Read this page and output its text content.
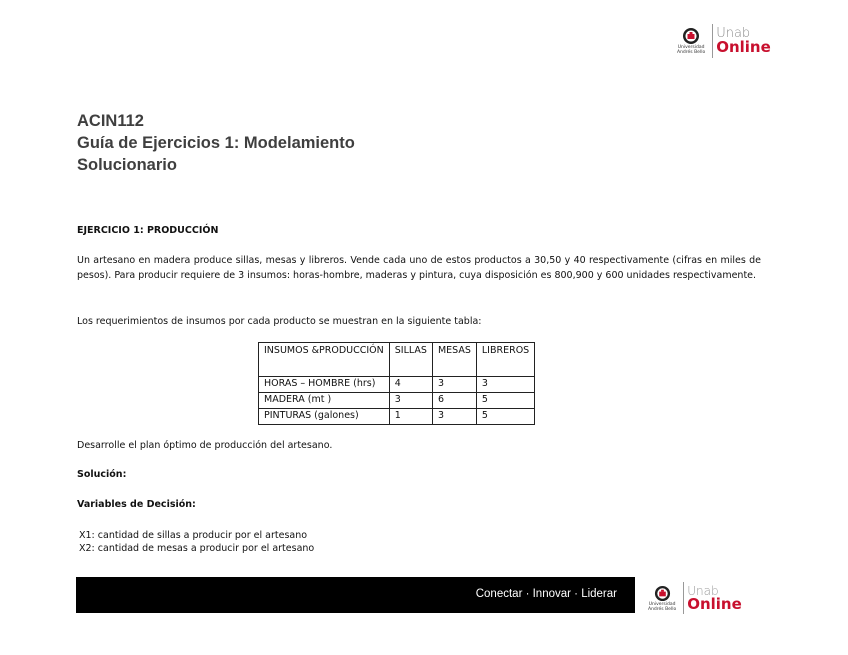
Universidad
Andrés Bello
Unab
Online
ACIN112
Guía de Ejercicios 1: Modelamiento
Solucionario
EJERCICIO 1: PRODUCCIÓN
Un artesano en madera produce sillas, mesas y libreros. Vende cada uno de estos productos a 30,50 y 40 respectivamente (cifras en miles de pesos). Para producir requiere de 3 insumos: horas-hombre, maderas y pintura, cuya disposición es 800,900 y 600 unidades respectivamente.
Los requerimientos de insumos por cada producto se muestran en la siguiente tabla:
INSUMOS &PRODUCCIÓN	SILLAS	MESAS	LIBREROS
HORAS – HOMBRE (hrs)	4	3	3
MADERA (mt )	3	6	5
PINTURAS (galones)	1	3	5
Desarrolle el plan óptimo de producción del artesano.
Solución:
Variables de Decisión:
X1: cantidad de sillas a producir por el artesano
X2: cantidad de mesas a producir por el artesano
Conectar · Innovar · Liderar
Universidad
Andrés Bello
Unab
Online
